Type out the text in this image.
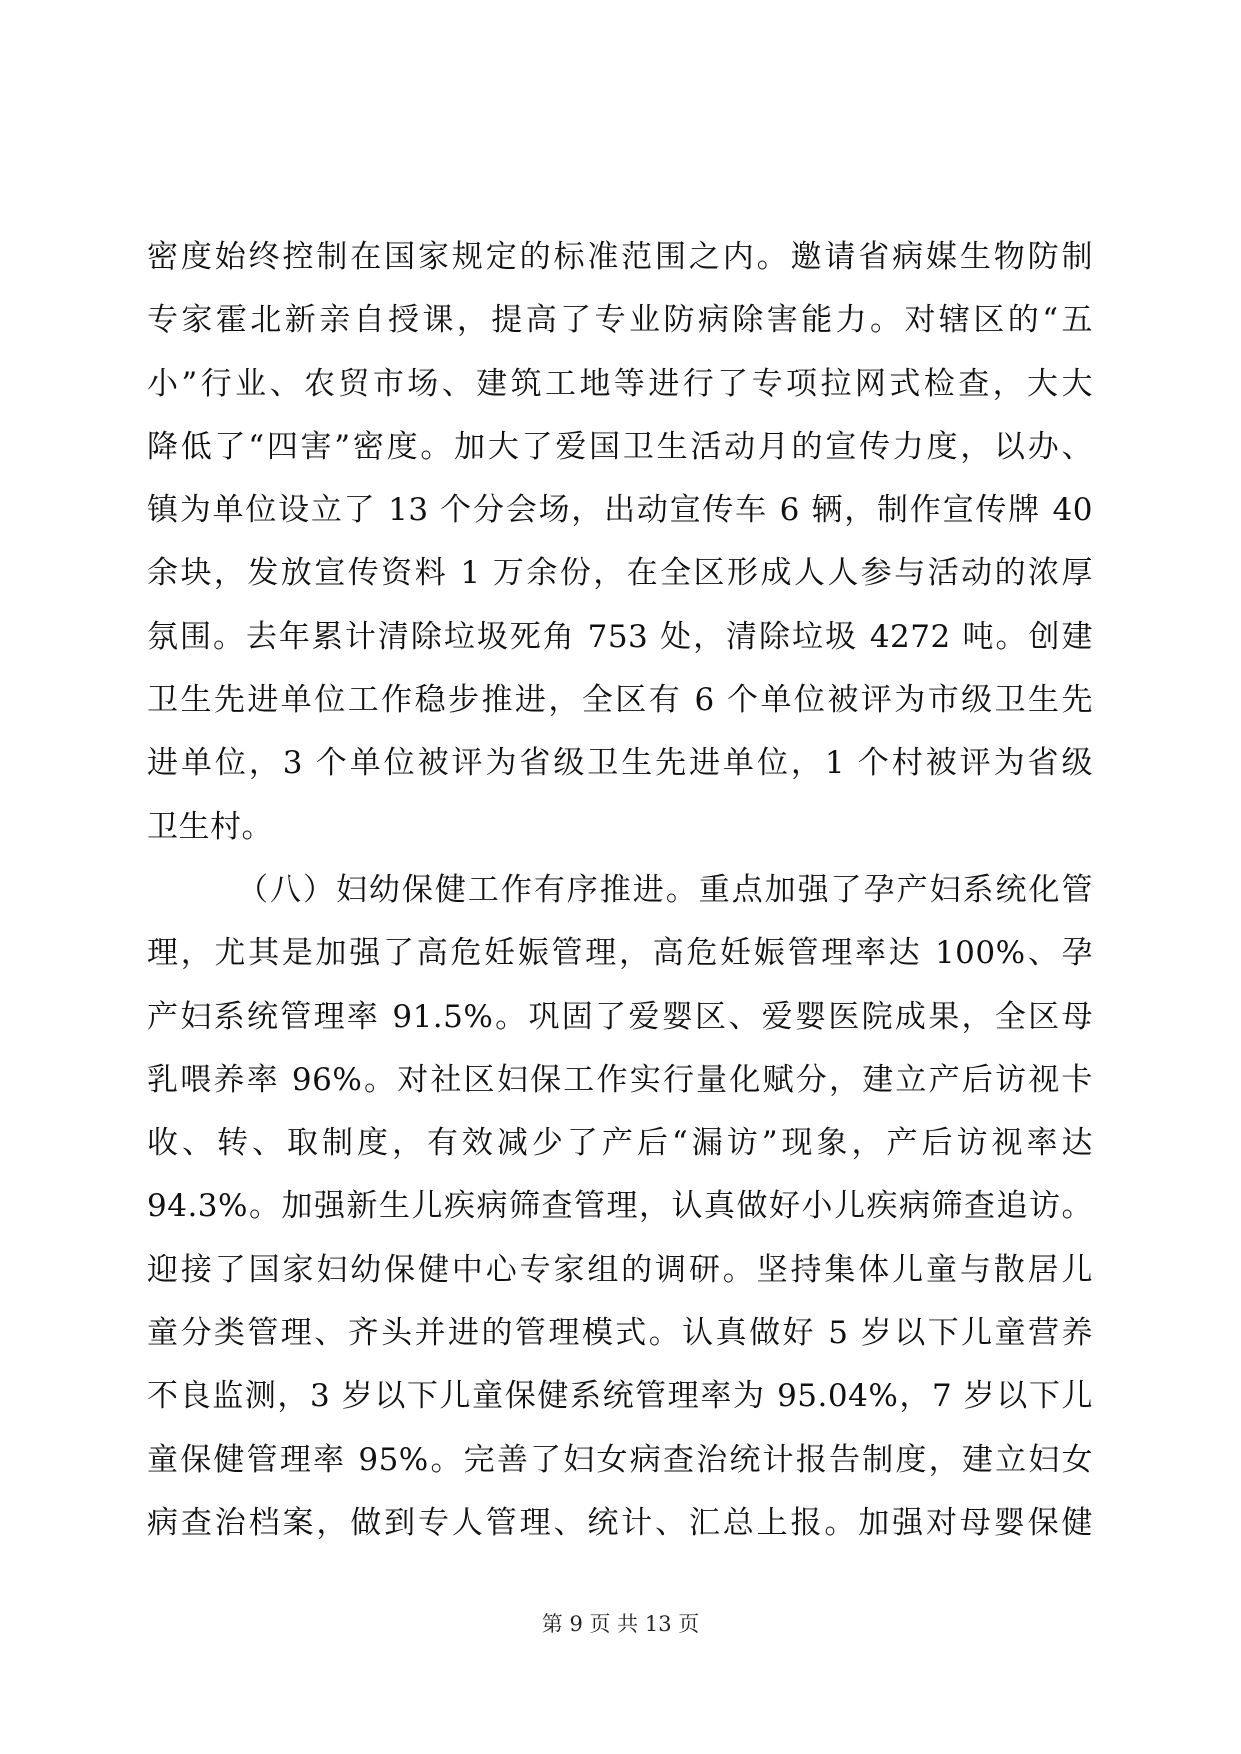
密度始终控制在国家规定的标准范围之内。邀请省病媒生物防制
专家霍北新亲自授课，提高了专业防病除害能力。对辖区的“五
小”行业、农贸市场、建筑工地等进行了专项拉网式检查，大大
降低了“四害”密度。加大了爱国卫生活动月的宣传力度，以办、
镇为单位设立了 13 个分会场，出动宣传车 6 辆，制作宣传牌 40
余块，发放宣传资料 1 万余份，在全区形成人人参与活动的浓厚
氛围。去年累计清除垃圾死角 753 处，清除垃圾 4272 吨。创建
卫生先进单位工作稳步推进，全区有 6 个单位被评为市级卫生先
进单位，3 个单位被评为省级卫生先进单位，1 个村被评为省级
卫生村。
（八）妇幼保健工作有序推进。重点加强了孕产妇系统化管
理，尤其是加强了高危妊娠管理，高危妊娠管理率达 100%、孕
产妇系统管理率 91.5%。巩固了爱婴区、爱婴医院成果，全区母
乳喂养率 96%。对社区妇保工作实行量化赋分，建立产后访视卡
收、转、取制度，有效减少了产后“漏访”现象，产后访视率达
94.3%。加强新生儿疾病筛查管理，认真做好小儿疾病筛查追访。
迎接了国家妇幼保健中心专家组的调研。坚持集体儿童与散居儿
童分类管理、齐头并进的管理模式。认真做好 5 岁以下儿童营养
不良监测，3 岁以下儿童保健系统管理率为 95.04%，7 岁以下儿
童保健管理率 95%。完善了妇女病查治统计报告制度，建立妇女
病查治档案，做到专人管理、统计、汇总上报。加强对母婴保健
第 9 页 共 13 页
